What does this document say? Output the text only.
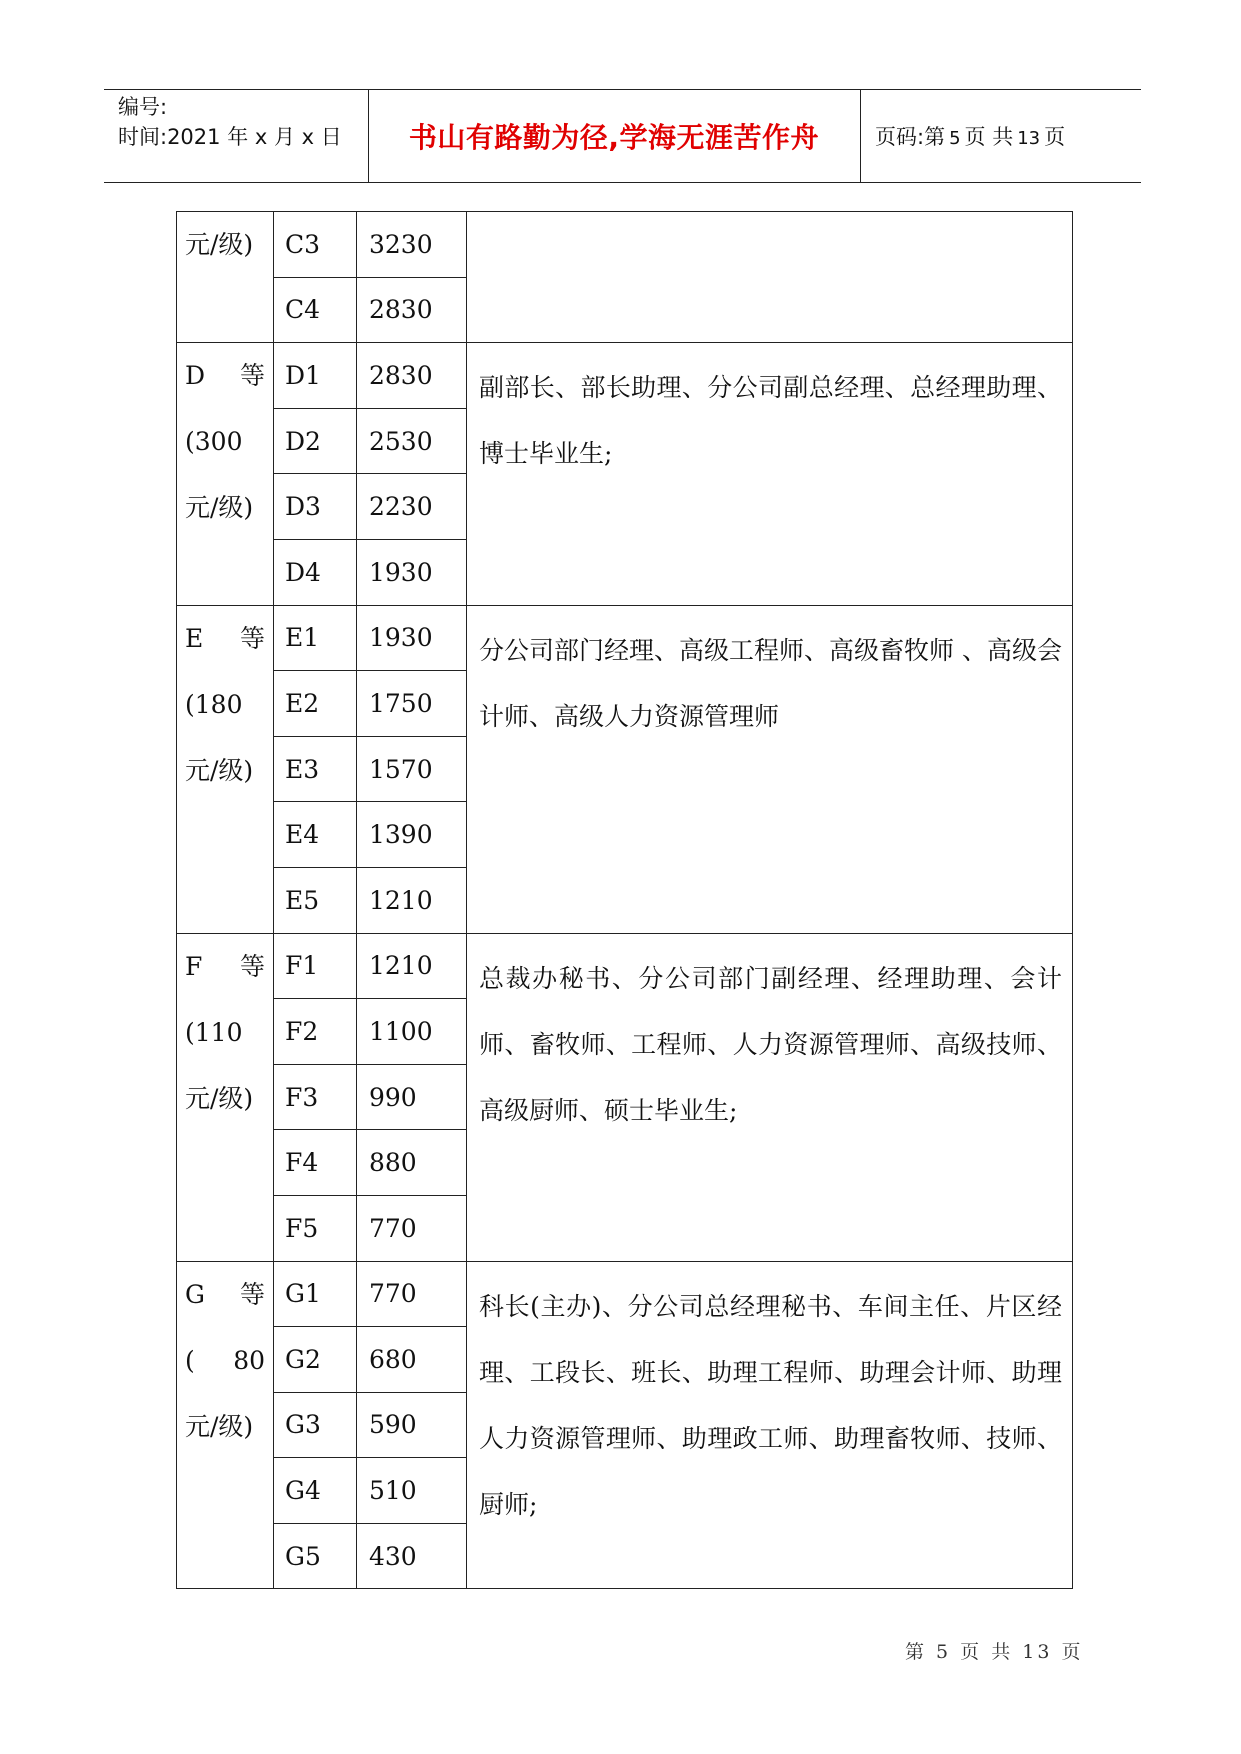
编号:
时间:2021 年 x 月 x 日	书山有路勤为径,学海无涯苦作舟	页码:第 5 页 共 13 页
元/级)	C3	3230	
	C4	2830	

D 等
(300
元/级)	D1	2830	副部长、部长助理、分公司副总经理、总经理助理、博士毕业生;
	D2	2530	
	D3	2230	
	D4	1930	

E 等
(180
元/级)	E1	1930	分公司部门经理、高级工程师、高级畜牧师 、高级会计师、高级人力资源管理师
	E2	1750	
	E3	1570	
	E4	1390	
	E5	1210	

F 等
(110
元/级)	F1	1210	总裁办秘书、分公司部门副经理、经理助理、会计师、畜牧师、工程师、人力资源管理师、高级技师、高级厨师、硕士毕业生;
	F2	1100	
	F3	990	
	F4	880	
	F5	770	

G 等
( 80
元/级)	G1	770	科长(主办)、分公司总经理秘书、车间主任、片区经理、工段长、班长、助理工程师、助理会计师、助理人力资源管理师、助理政工师、助理畜牧师、技师、厨师;
	G2	680	
	G3	590	
	G4	510	
	G5	430	
第 5 页 共 13 页
